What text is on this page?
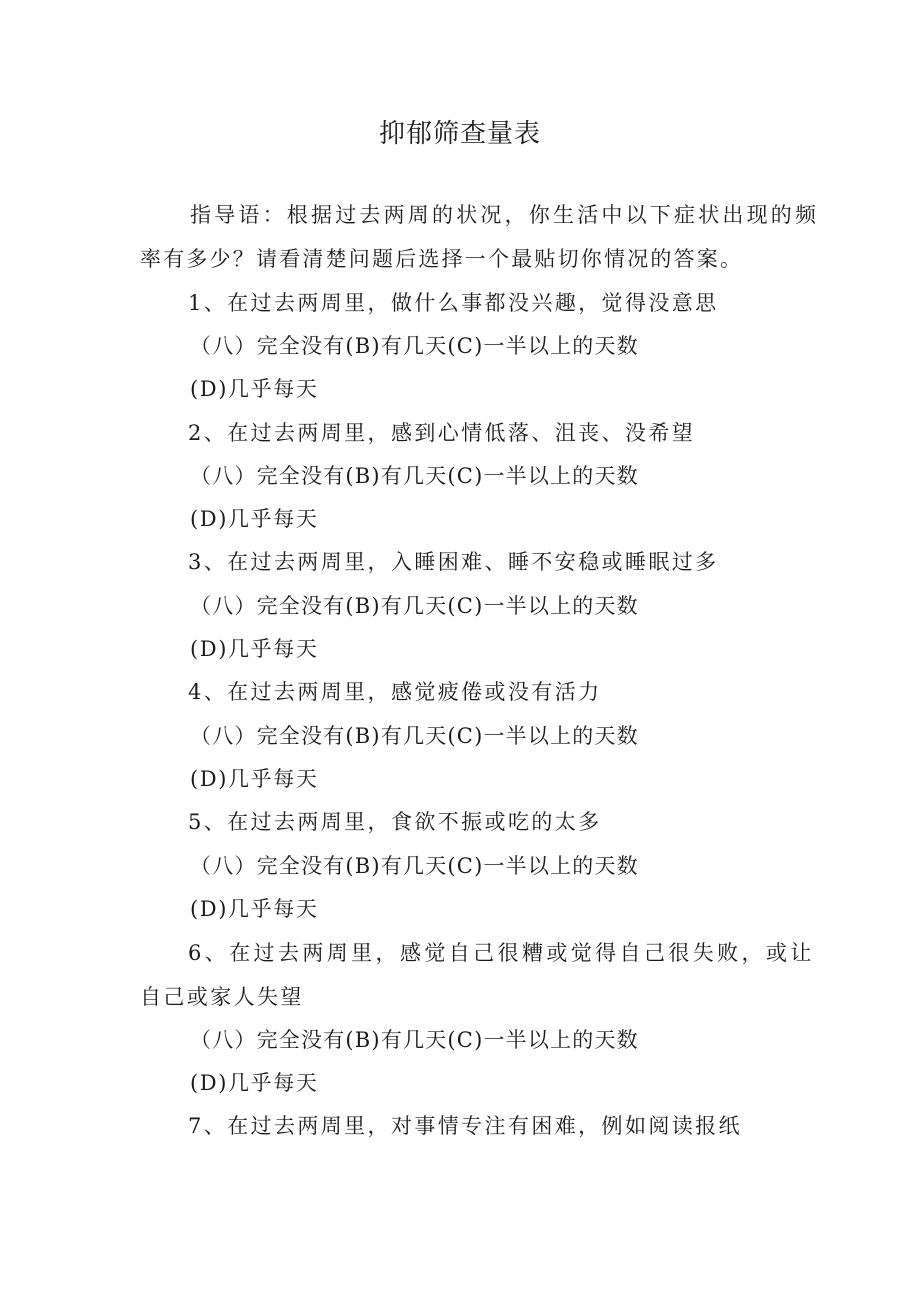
抑郁筛查量表
指导语：根据过去两周的状况，你生活中以下症状出现的频
率有多少？请看清楚问题后选择一个最贴切你情况的答案。
1、在过去两周里，做什么事都没兴趣，觉得没意思
（八）完全没有(B)有几天(C)一半以上的天数
(D)几乎每天
2、在过去两周里，感到心情低落、沮丧、没希望
（八）完全没有(B)有几天(C)一半以上的天数
(D)几乎每天
3、在过去两周里，入睡困难、睡不安稳或睡眠过多
（八）完全没有(B)有几天(C)一半以上的天数
(D)几乎每天
4、在过去两周里，感觉疲倦或没有活力
（八）完全没有(B)有几天(C)一半以上的天数
(D)几乎每天
5、在过去两周里，食欲不振或吃的太多
（八）完全没有(B)有几天(C)一半以上的天数
(D)几乎每天
6、在过去两周里，感觉自己很糟或觉得自己很失败，或让
自己或家人失望
（八）完全没有(B)有几天(C)一半以上的天数
(D)几乎每天
7、在过去两周里，对事情专注有困难，例如阅读报纸
